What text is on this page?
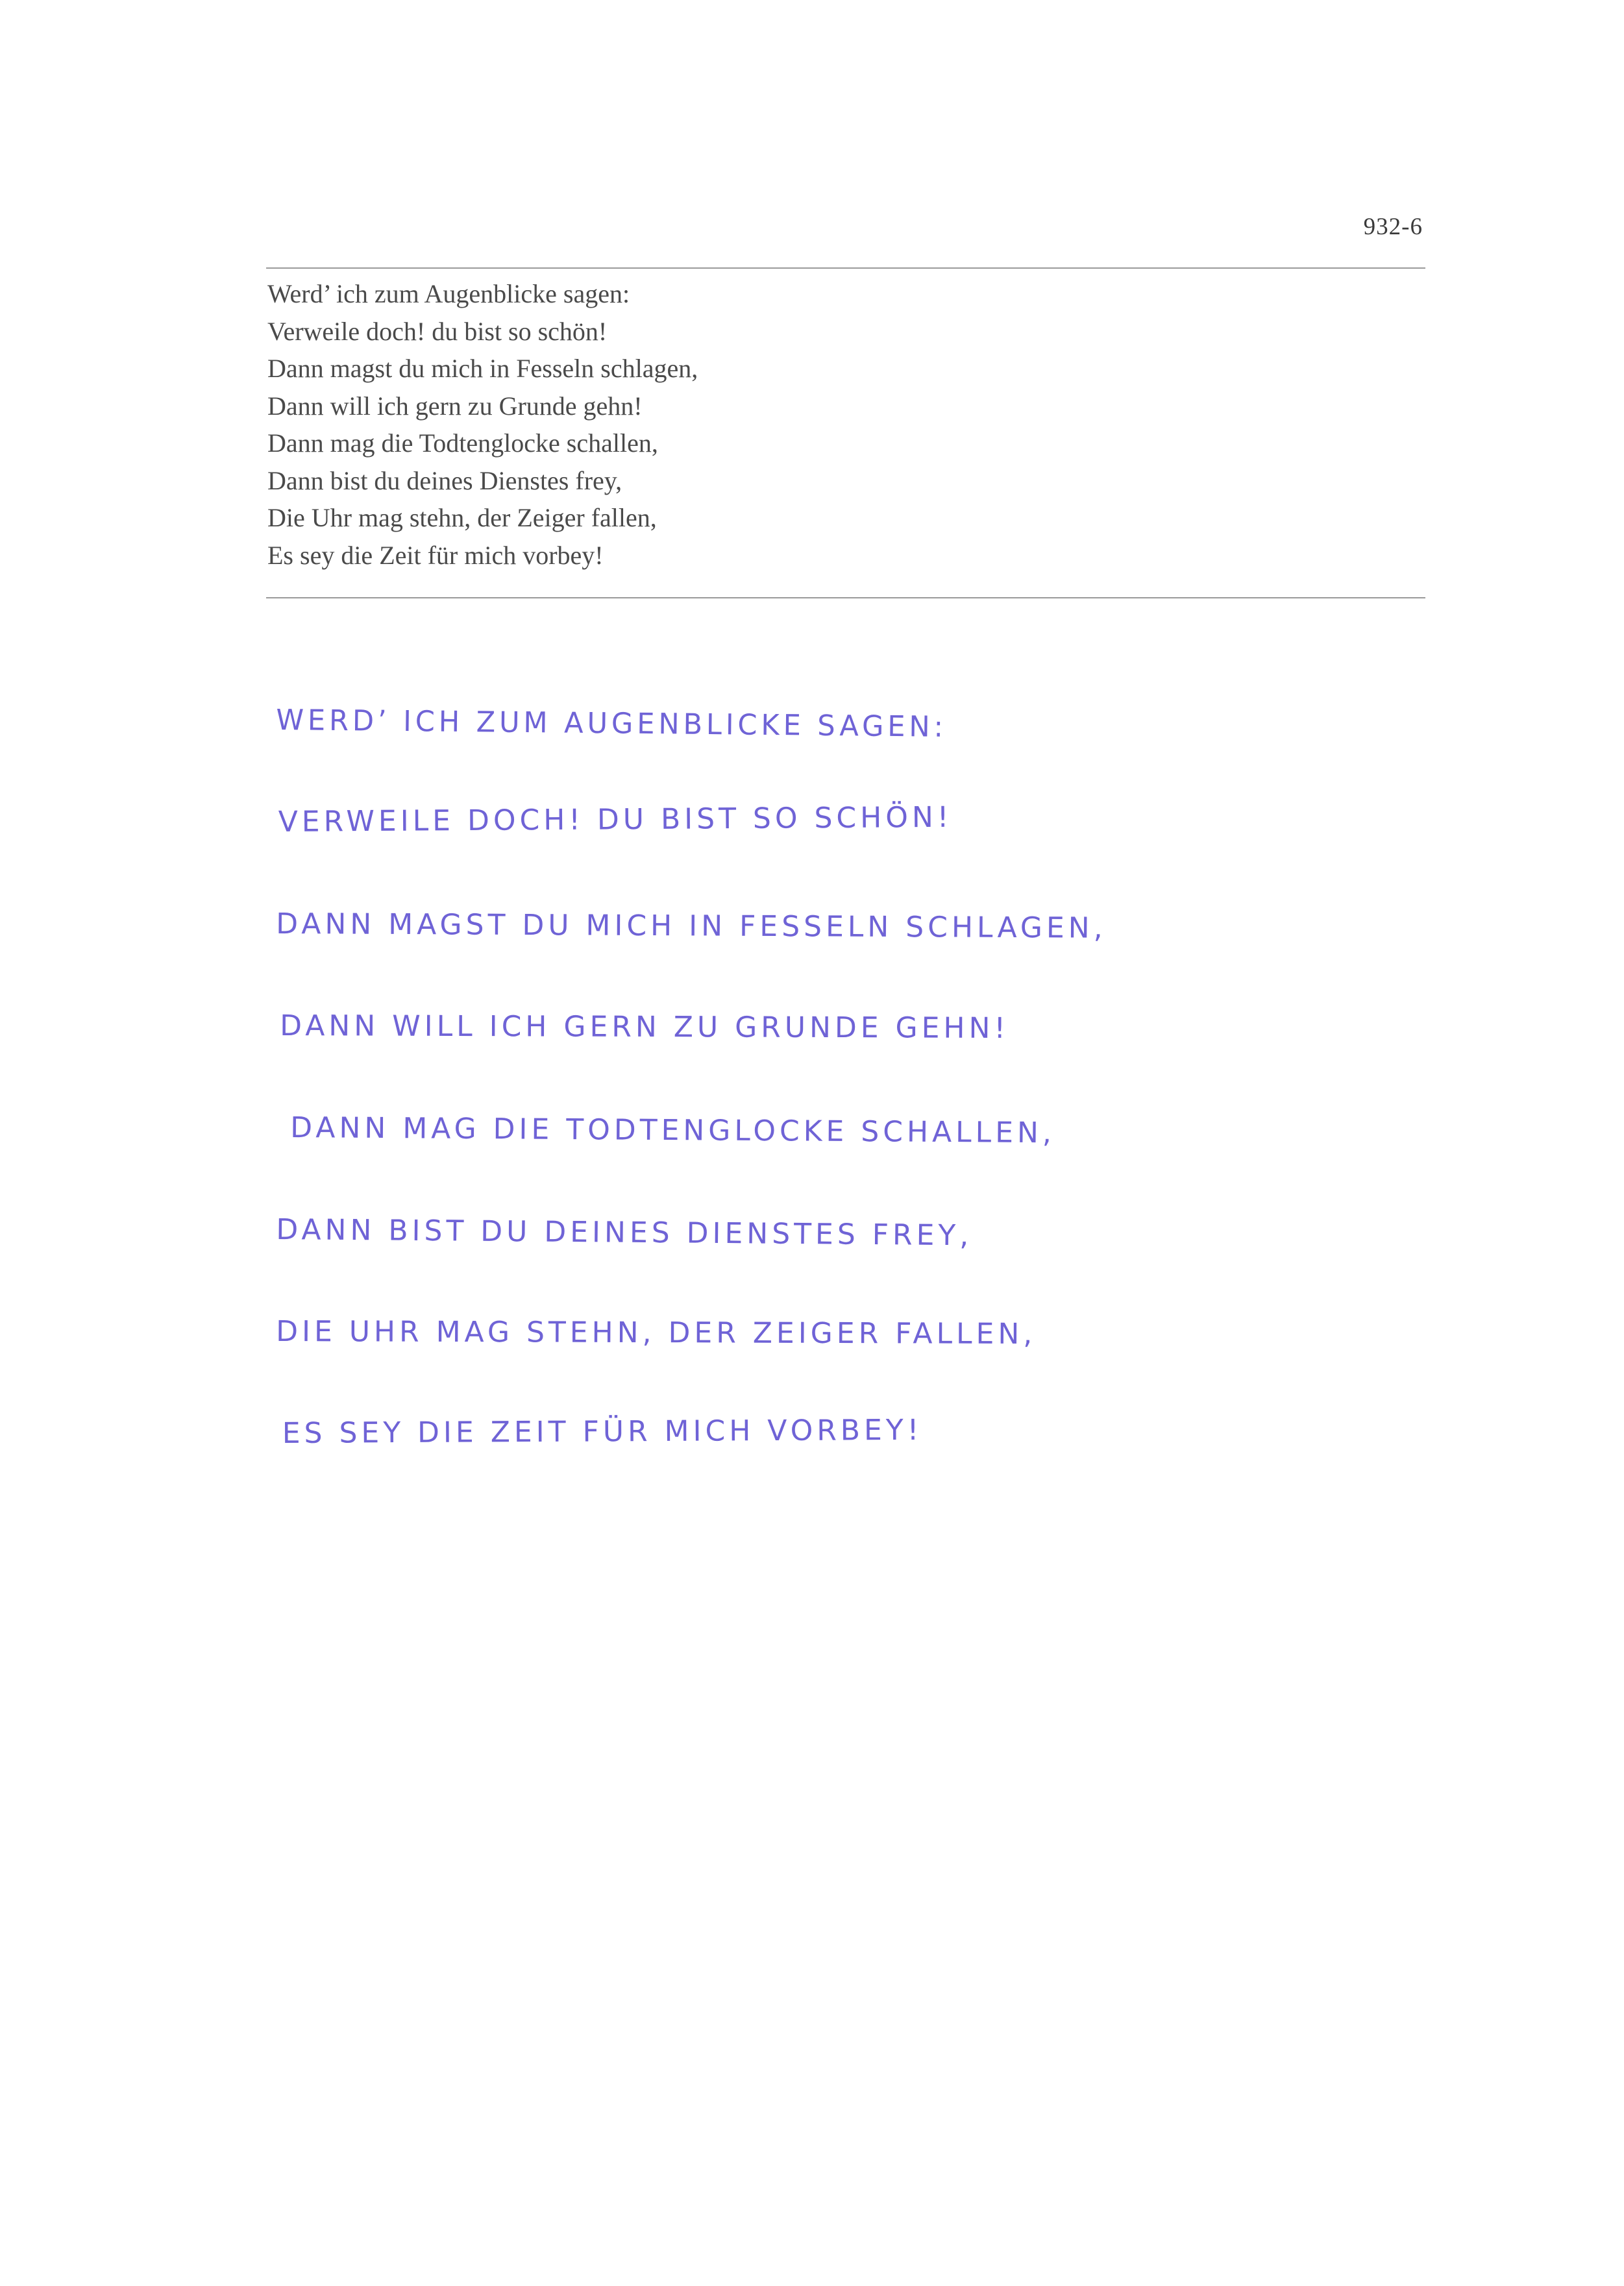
932-6
Werd’ ich zum Augenblicke sagen:
Verweile doch! du bist so schön!
Dann magst du mich in Fesseln schlagen,
Dann will ich gern zu Grunde gehn!
Dann mag die Todtenglocke schallen,
Dann bist du deines Dienstes frey,
Die Uhr mag stehn, der Zeiger fallen,
Es sey die Zeit für mich vorbey!
WERD’ ICH ZUM AUGENBLICKE SAGEN:
VERWEILE DOCH! DU BIST SO SCHÖN!
DANN MAGST DU MICH IN FESSELN SCHLAGEN,
DANN WILL ICH GERN ZU GRUNDE GEHN!
DANN MAG DIE TODTENGLOCKE SCHALLEN,
DANN BIST DU DEINES DIENSTES FREY,
DIE UHR MAG STEHN, DER ZEIGER FALLEN,
ES SEY DIE ZEIT FÜR MICH VORBEY!
